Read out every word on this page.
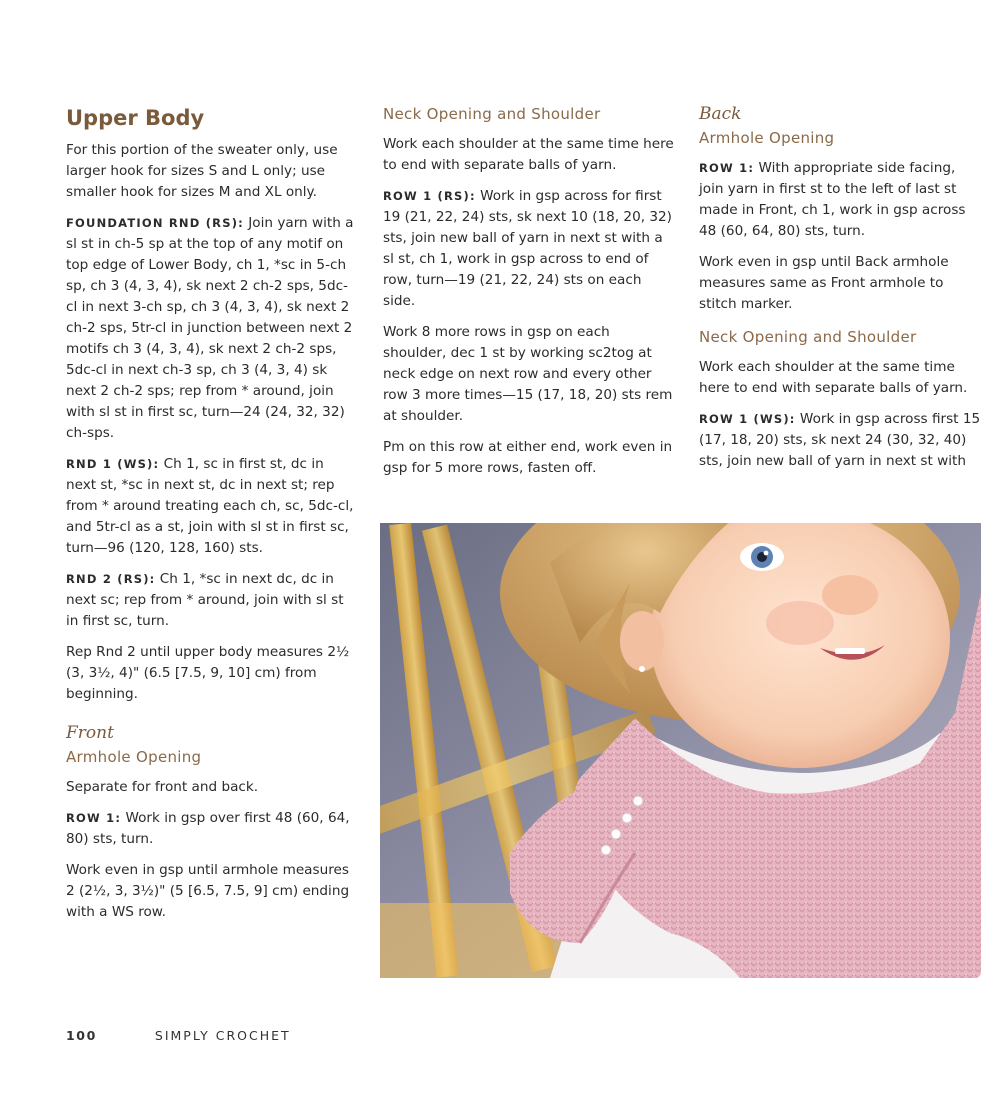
Upper Body

For this portion of the sweater only, use larger hook for sizes S and L only; use smaller hook for sizes M and XL only.

FOUNDATION RND (RS): Join yarn with a sl st in ch-5 sp at the top of any motif on top edge of Lower Body, ch 1, *sc in 5-ch sp, ch 3 (4, 3, 4), sk next 2 ch-2 sps, 5dc-cl in next 3-ch sp, ch 3 (4, 3, 4), sk next 2 ch-2 sps, 5tr-cl in junction between next 2 motifs ch 3 (4, 3, 4), sk next 2 ch-2 sps, 5dc-cl in next ch-3 sp, ch 3 (4, 3, 4) sk next 2 ch-2 sps; rep from * around, join with sl st in first sc, turn—24 (24, 32, 32) ch-sps.

RND 1 (WS): Ch 1, sc in first st, dc in next st, *sc in next st, dc in next st; rep from * around treating each ch, sc, 5dc-cl, and 5tr-cl as a st, join with sl st in first sc, turn—96 (120, 128, 160) sts.

RND 2 (RS): Ch 1, *sc in next dc, dc in next sc; rep from * around, join with sl st in first sc, turn.

Rep Rnd 2 until upper body measures 2½ (3, 3½, 4)" (6.5 [7.5, 9, 10] cm) from beginning.

Front
Armhole Opening

Separate for front and back.

ROW 1: Work in gsp over first 48 (60, 64, 80) sts, turn.

Work even in gsp until armhole measures 2 (2½, 3, 3½)" (5 [6.5, 7.5, 9] cm) ending with a WS row.

Neck Opening and Shoulder

Work each shoulder at the same time here to end with separate balls of yarn.

ROW 1 (RS): Work in gsp across for first 19 (21, 22, 24) sts, sk next 10 (18, 20, 32) sts, join new ball of yarn in next st with a sl st, ch 1, work in gsp across to end of row, turn—19 (21, 22, 24) sts on each side.

Work 8 more rows in gsp on each shoulder, dec 1 st by working sc2tog at neck edge on next row and every other row 3 more times—15 (17, 18, 20) sts rem at shoulder.

Pm on this row at either end, work even in gsp for 5 more rows, fasten off.

Back
Armhole Opening

ROW 1: With appropriate side facing, join yarn in first st to the left of last st made in Front, ch 1, work in gsp across 48 (60, 64, 80) sts, turn.

Work even in gsp until Back armhole measures same as Front armhole to stitch marker.

Neck Opening and Shoulder

Work each shoulder at the same time here to end with separate balls of yarn.

ROW 1 (WS): Work in gsp across first 15 (17, 18, 20) sts, sk next 24 (30, 32, 40) sts, join new ball of yarn in next st with

100	SIMPLY CROCHET
